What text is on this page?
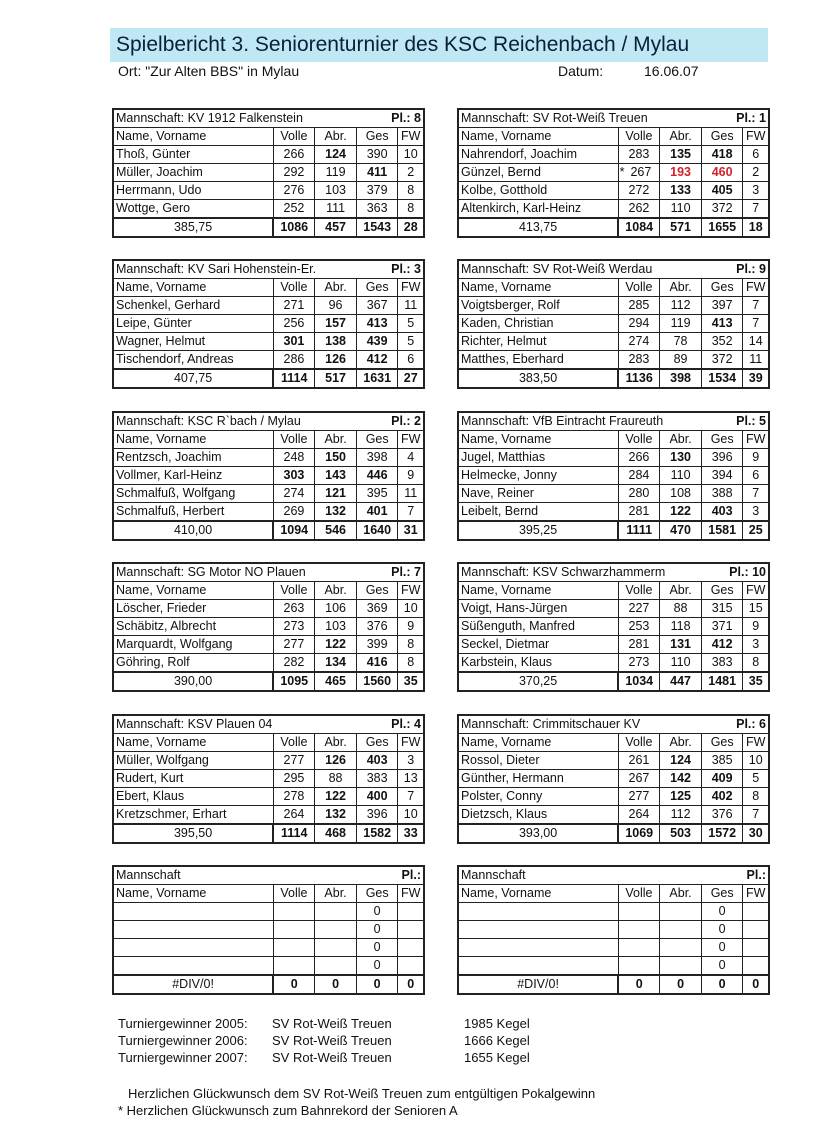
Spielbericht 3. Seniorenturnier des KSC Reichenbach / Mylau
Ort: "Zur Alten BBS" in Mylau	Datum:	16.06.07
Mannschaft: KV 1912 Falkenstein			Pl.: 8	
Name, Vorname	Volle	Abr.	Ges	FW
Thoß, Günter	266	124	390	10
Müller, Joachim	292	119	411	2
Herrmann, Udo	276	103	379	8
Wottge, Gero	252	111	363	8
385,75	1086	457	1543	28
Mannschaft: SV Rot-Weiß Treuen			Pl.: 1	
Name, Vorname	Volle	Abr.	Ges	FW
Nahrendorf, Joachim	283	135	418	6
Günzel, Bernd	* 267	193	460	2
Kolbe, Gotthold	272	133	405	3
Altenkirch, Karl-Heinz	262	110	372	7
413,75	1084	571	1655	18
Mannschaft: KV Sari Hohenstein-Er.			Pl.: 3	
Name, Vorname	Volle	Abr.	Ges	FW
Schenkel, Gerhard	271	96	367	11
Leipe, Günter	256	157	413	5
Wagner, Helmut	301	138	439	5
Tischendorf, Andreas	286	126	412	6
407,75	1114	517	1631	27
Mannschaft: SV Rot-Weiß Werdau			Pl.: 9	
Name, Vorname	Volle	Abr.	Ges	FW
Voigtsberger, Rolf	285	112	397	7
Kaden, Christian	294	119	413	7
Richter, Helmut	274	78	352	14
Matthes, Eberhard	283	89	372	11
383,50	1136	398	1534	39
Mannschaft: KSC R`bach / Mylau			Pl.: 2	
Name, Vorname	Volle	Abr.	Ges	FW
Rentzsch, Joachim	248	150	398	4
Vollmer, Karl-Heinz	303	143	446	9
Schmalfuß, Wolfgang	274	121	395	11
Schmalfuß, Herbert	269	132	401	7
410,00	1094	546	1640	31
Mannschaft: VfB Eintracht Fraureuth			Pl.: 5	
Name, Vorname	Volle	Abr.	Ges	FW
Jugel, Matthias	266	130	396	9
Helmecke, Jonny	284	110	394	6
Nave, Reiner	280	108	388	7
Leibelt, Bernd	281	122	403	3
395,25	1111	470	1581	25
Mannschaft: SG Motor NO Plauen			Pl.: 7	
Name, Vorname	Volle	Abr.	Ges	FW
Löscher, Frieder	263	106	369	10
Schäbitz, Albrecht	273	103	376	9
Marquardt, Wolfgang	277	122	399	8
Göhring, Rolf	282	134	416	8
390,00	1095	465	1560	35
Mannschaft: KSV Schwarzhammerm			Pl.: 10	
Name, Vorname	Volle	Abr.	Ges	FW
Voigt, Hans-Jürgen	227	88	315	15
Süßenguth, Manfred	253	118	371	9
Seckel, Dietmar	281	131	412	3
Karbstein, Klaus	273	110	383	8
370,25	1034	447	1481	35
Mannschaft: KSV Plauen 04			Pl.: 4	
Name, Vorname	Volle	Abr.	Ges	FW
Müller, Wolfgang	277	126	403	3
Rudert, Kurt	295	88	383	13
Ebert, Klaus	278	122	400	7
Kretzschmer, Erhart	264	132	396	10
395,50	1114	468	1582	33
Mannschaft: Crimmitschauer KV			Pl.: 6	
Name, Vorname	Volle	Abr.	Ges	FW
Rossol, Dieter	261	124	385	10
Günther, Hermann	267	142	409	5
Polster, Conny	277	125	402	8
Dietzsch, Klaus	264	112	376	7
393,00	1069	503	1572	30
Mannschaft			Pl.:	
Name, Vorname	Volle	Abr.	Ges	FW
			0	
			0	
			0	
			0	
#DIV/0!	0	0	0	0
Mannschaft			Pl.:	
Name, Vorname	Volle	Abr.	Ges	FW
			0	
			0	
			0	
			0	
#DIV/0!	0	0	0	0
Turniergewinner 2005: SV Rot-Weiß Treuen	1985 Kegel
Turniergewinner 2006: SV Rot-Weiß Treuen	1666 Kegel
Turniergewinner 2007: SV Rot-Weiß Treuen	1655 Kegel
Herzlichen Glückwunsch dem SV Rot-Weiß Treuen zum entgültigen Pokalgewinn
* Herzlichen Glückwunsch zum Bahnrekord der Senioren A
